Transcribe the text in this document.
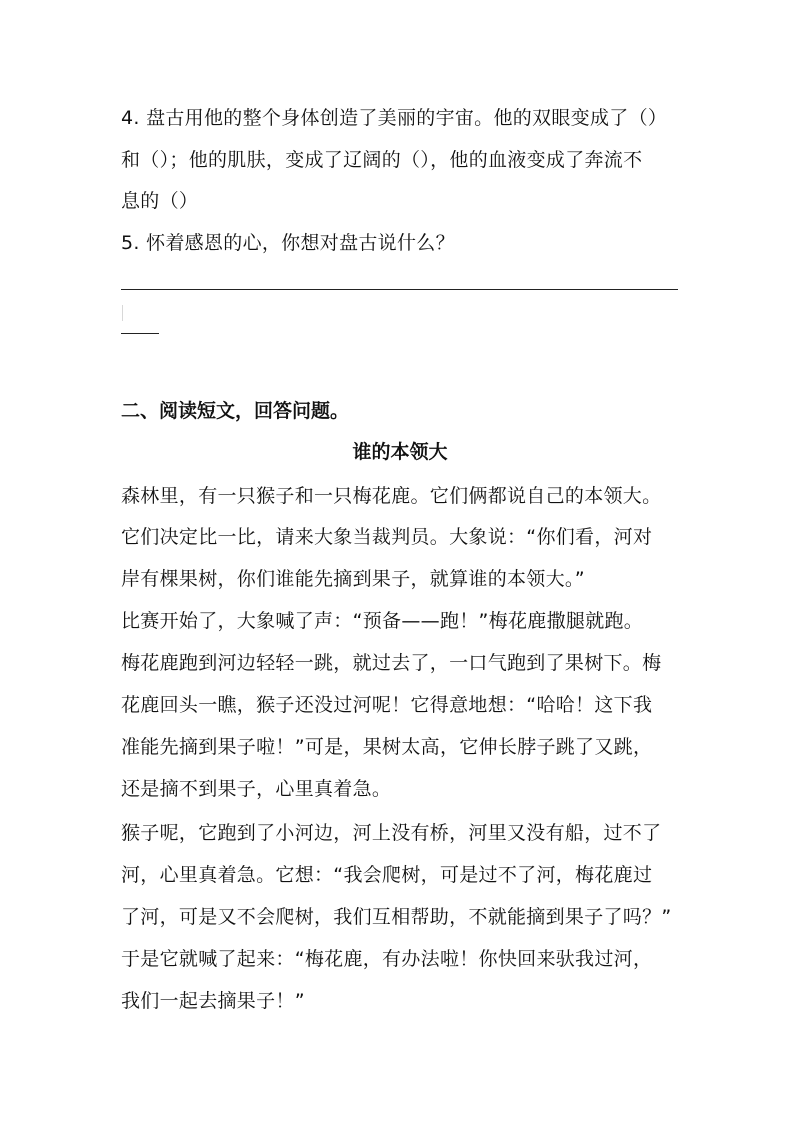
4. 盘古用他的整个身体创造了美丽的宇宙。他的双眼变成了（）
和（）；他的肌肤，变成了辽阔的（），他的血液变成了奔流不
息的（）
5. 怀着感恩的心，你想对盘古说什么？
二、阅读短文，回答问题。
谁的本领大
森林里，有一只猴子和一只梅花鹿。它们俩都说自己的本领大。
它们决定比一比，请来大象当裁判员。大象说：“你们看，河对
岸有棵果树，你们谁能先摘到果子，就算谁的本领大。”
比赛开始了，大象喊了声：“预备——跑！”梅花鹿撒腿就跑。
梅花鹿跑到河边轻轻一跳，就过去了，一口气跑到了果树下。梅
花鹿回头一瞧，猴子还没过河呢！它得意地想：“哈哈！这下我
准能先摘到果子啦！”可是，果树太高，它伸长脖子跳了又跳，
还是摘不到果子，心里真着急。
猴子呢，它跑到了小河边，河上没有桥，河里又没有船，过不了
河，心里真着急。它想：“我会爬树，可是过不了河，梅花鹿过
了河，可是又不会爬树，我们互相帮助，不就能摘到果子了吗？”
于是它就喊了起来：“梅花鹿，有办法啦！你快回来驮我过河，
我们一起去摘果子！”
